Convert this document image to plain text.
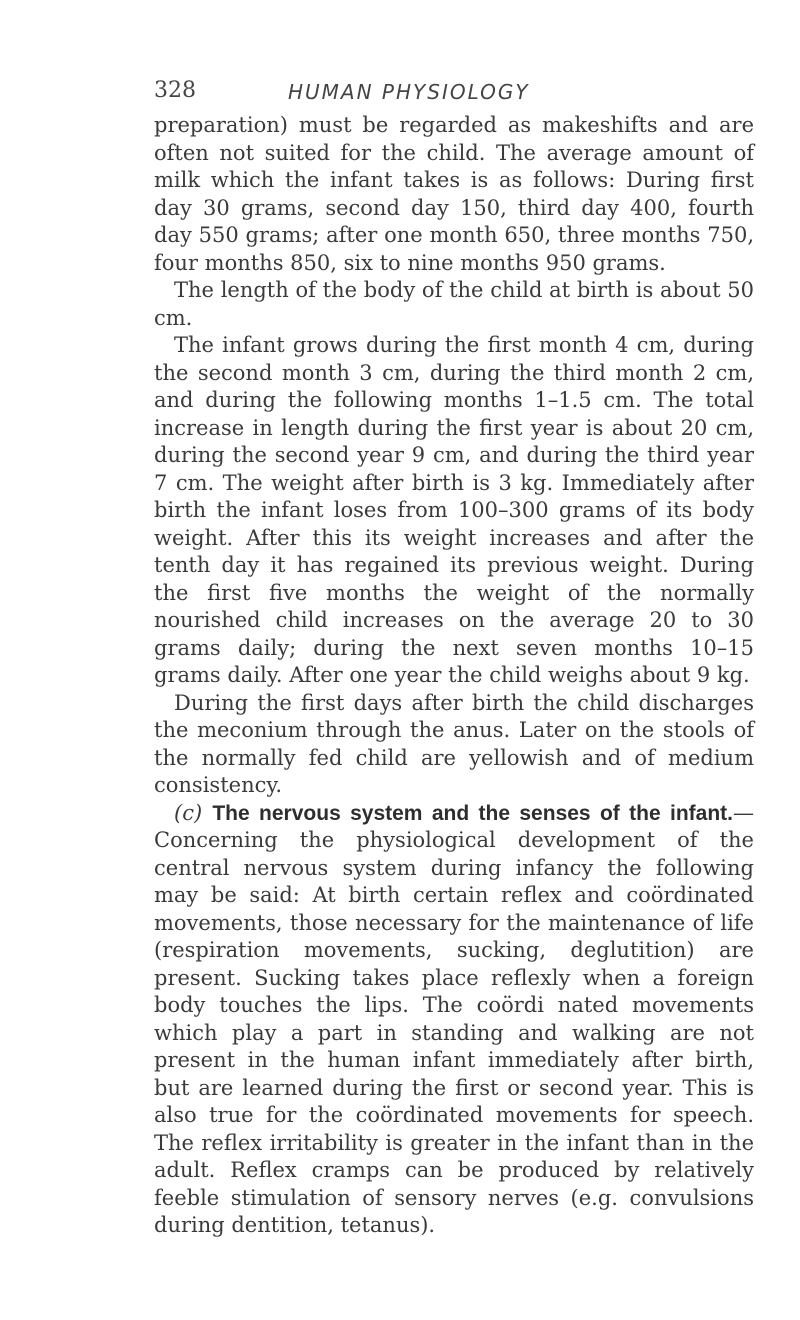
328	HUMAN PHYSIOLOGY

preparation) must be regarded as makeshifts and are often not suited for the child. The average amount of milk which the infant takes is as follows: During first day 30 grams, second day 150, third day 400, fourth day 550 grams; after one month 650, three months 750, four months 850, six to nine months 950 grams.

The length of the body of the child at birth is about 50 cm.

The infant grows during the first month 4 cm, during the second month 3 cm, during the third month 2 cm, and during the following months 1–1.5 cm. The total increase in length during the first year is about 20 cm, during the second year 9 cm, and during the third year 7 cm. The weight after birth is 3 kg. Immediately after birth the infant loses from 100–300 grams of its body weight. After this its weight increases and after the tenth day it has regained its previous weight. During the first five months the weight of the normally nourished child increases on the average 20 to 30 grams daily; during the next seven months 10–15 grams daily. After one year the child weighs about 9 kg.

During the first days after birth the child discharges the meconium through the anus. Later on the stools of the normally fed child are yellowish and of medium consistency.

(c) The nervous system and the senses of the infant.— Concerning the physiological development of the central nervous system during infancy the following may be said: At birth certain reflex and coördinated movements, those necessary for the maintenance of life (respiration movements, sucking, deglutition) are present. Sucking takes place reflexly when a foreign body touches the lips. The coördi nated movements which play a part in standing and walking are not present in the human infant immediately after birth, but are learned during the first or second year. This is also true for the coördinated movements for speech. The reflex irritability is greater in the infant than in the adult. Reflex cramps can be produced by relatively feeble stimulation of sensory nerves (e.g. convulsions during dentition, tetanus).
